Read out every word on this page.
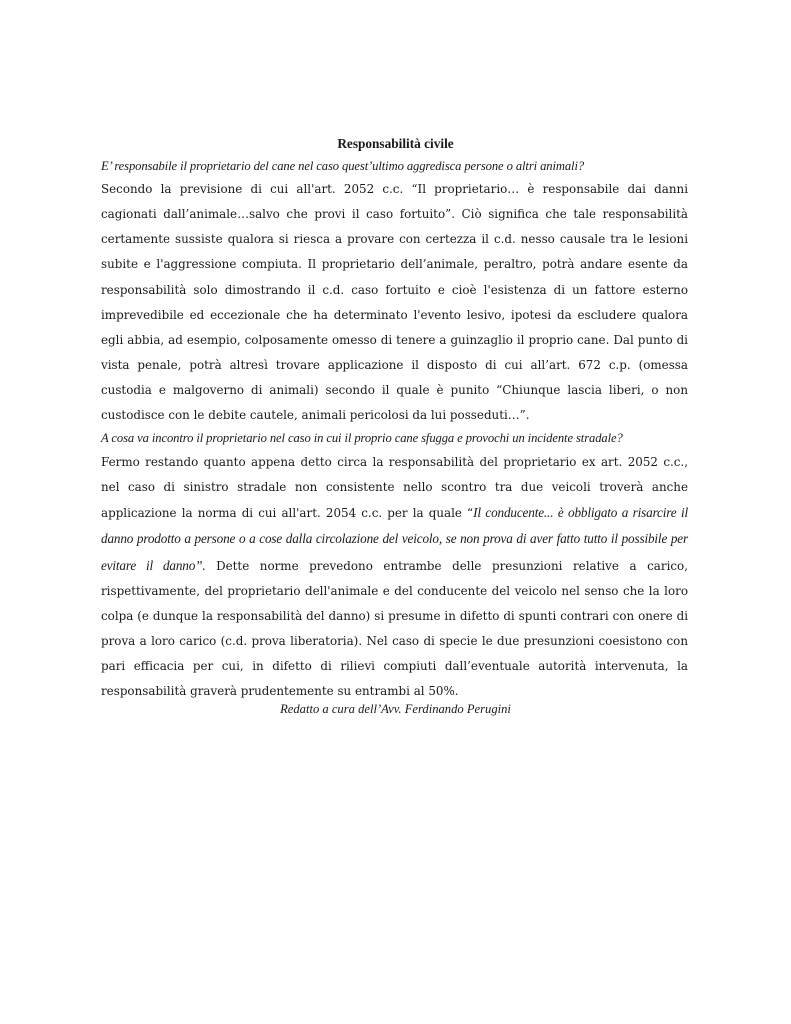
Responsabilità civile

E’ responsabile il proprietario del cane nel caso quest’ultimo aggredisca persone o altri animali?

Secondo la previsione di cui all'art. 2052 c.c. “Il proprietario… è responsabile dai danni cagionati dall’animale…salvo che provi il caso fortuito”. Ciò significa che tale responsabilità certamente sussiste qualora si riesca a provare con certezza il c.d. nesso causale tra le lesioni subite e l'aggressione compiuta. Il proprietario dell’animale, peraltro, potrà andare esente da responsabilità solo dimostrando il c.d. caso fortuito e cioè l'esistenza di un fattore esterno imprevedibile ed eccezionale che ha determinato l'evento lesivo, ipotesi da escludere qualora egli abbia, ad esempio, colposamente omesso di tenere a guinzaglio il proprio cane. Dal punto di vista penale, potrà altresì trovare applicazione il disposto di cui all’art. 672 c.p. (omessa custodia e malgoverno di animali) secondo il quale è punito “Chiunque lascia liberi, o non custodisce con le debite cautele, animali pericolosi da lui posseduti…”.

A cosa va incontro il proprietario nel caso in cui il proprio cane sfugga e provochi un incidente stradale?

Fermo restando quanto appena detto circa la responsabilità del proprietario ex art. 2052 c.c., nel caso di sinistro stradale non consistente nello scontro tra due veicoli troverà anche applicazione la norma di cui all'art. 2054 c.c. per la quale “Il conducente... è obbligato a risarcire il danno prodotto a persone o a cose dalla circolazione del veicolo, se non prova di aver fatto tutto il possibile per evitare il danno”. Dette norme prevedono entrambe delle presunzioni relative a carico, rispettivamente, del proprietario dell'animale e del conducente del veicolo nel senso che la loro colpa (e dunque la responsabilità del danno) si presume in difetto di spunti contrari con onere di prova a loro carico (c.d. prova liberatoria). Nel caso di specie le due presunzioni coesistono con pari efficacia per cui, in difetto di rilievi compiuti dall’eventuale autorità intervenuta, la responsabilità graverà prudentemente su entrambi al 50%.

Redatto a cura dell’Avv. Ferdinando Perugini
